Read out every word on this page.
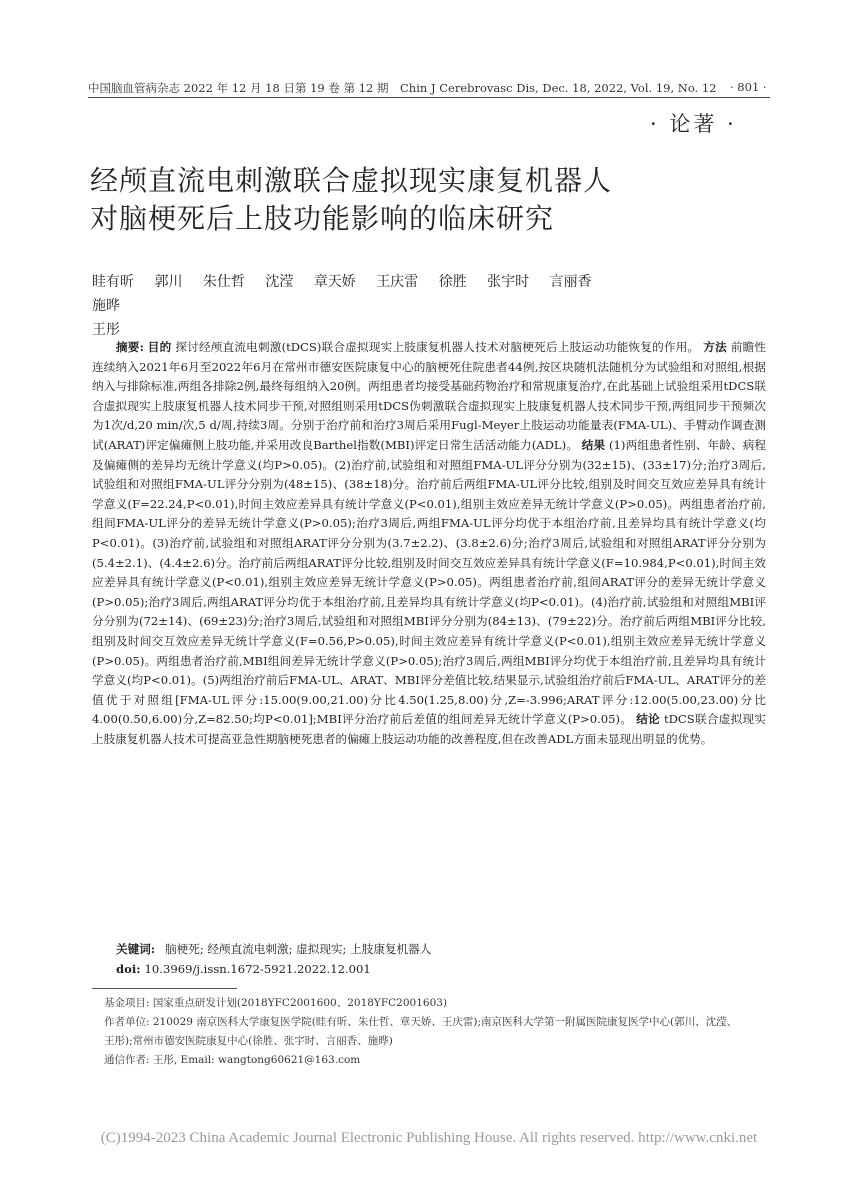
中国脑血管病杂志 2022 年 12 月 18 日第 19 卷 第 12 期　Chin J Cerebrovasc Dis, Dec. 18, 2022, Vol. 19, No. 12 · 801 ·
· 论著 ·
经颅直流电刺激联合虚拟现实康复机器人
对脑梗死后上肢功能影响的临床研究
眭有昕 郭川 朱仕哲 沈滢 章天娇 王庆雷 徐胜 张宇时 言丽香 施晔
王彤

摘要: 目的 探讨经颅直流电刺激(tDCS)联合虚拟现实上肢康复机器人技术对脑梗死后上肢运动功能恢复的作用。 方法 前瞻性连续纳入2021年6月至2022年6月在常州市德安医院康复中心的脑梗死住院患者44例,按区块随机法随机分为试验组和对照组,根据纳入与排除标准,两组各排除2例,最终每组纳入20例。两组患者均接受基础药物治疗和常规康复治疗,在此基础上试验组采用tDCS联合虚拟现实上肢康复机器人技术同步干预,对照组则采用tDCS伪刺激联合虚拟现实上肢康复机器人技术同步干预,两组同步干预频次为1次/d,20 min/次,5 d/周,持续3周。分别于治疗前和治疗3周后采用Fugl-Meyer上肢运动功能量表(FMA-UL)、手臂动作调查测试(ARAT)评定偏瘫侧上肢功能,并采用改良Barthel指数(MBI)评定日常生活活动能力(ADL)。 结果 (1)两组患者性别、年龄、病程及偏瘫侧的差异均无统计学意义(均P>0.05)。(2)治疗前,试验组和对照组FMA-UL评分分别为(32±15)、(33±17)分;治疗3周后,试验组和对照组FMA-UL评分分别为(48±15)、(38±18)分。治疗前后两组FMA-UL评分比较,组别及时间交互效应差异具有统计学意义(F=22.24,P<0.01),时间主效应差异具有统计学意义(P<0.01),组别主效应差异无统计学意义(P>0.05)。两组患者治疗前,组间FMA-UL评分的差异无统计学意义(P>0.05);治疗3周后,两组FMA-UL评分均优于本组治疗前,且差异均具有统计学意义(均P<0.01)。(3)治疗前,试验组和对照组ARAT评分分别为(3.7±2.2)、(3.8±2.6)分;治疗3周后,试验组和对照组ARAT评分分别为(5.4±2.1)、(4.4±2.6)分。治疗前后两组ARAT评分比较,组别及时间交互效应差异具有统计学意义(F=10.984,P<0.01),时间主效应差异具有统计学意义(P<0.01),组别主效应差异无统计学意义(P>0.05)。两组患者治疗前,组间ARAT评分的差异无统计学意义(P>0.05);治疗3周后,两组ARAT评分均优于本组治疗前,且差异均具有统计学意义(均P<0.01)。(4)治疗前,试验组和对照组MBI评分分别为(72±14)、(69±23)分;治疗3周后,试验组和对照组MBI评分分别为(84±13)、(79±22)分。治疗前后两组MBI评分比较,组别及时间交互效应差异无统计学意义(F=0.56,P>0.05),时间主效应差异有统计学意义(P<0.01),组别主效应差异无统计学意义(P>0.05)。两组患者治疗前,MBI组间差异无统计学意义(P>0.05);治疗3周后,两组MBI评分均优于本组治疗前,且差异均具有统计学意义(均P<0.01)。(5)两组治疗前后FMA-UL、ARAT、MBI评分差值比较,结果显示,试验组治疗前后FMA-UL、ARAT评分的差值优于对照组[FMA-UL评分:15.00(9.00,21.00)分比4.50(1.25,8.00)分,Z=-3.996;ARAT评分:12.00(5.00,23.00)分比4.00(0.50,6.00)分,Z=82.50;均P<0.01];MBI评分治疗前后差值的组间差异无统计学意义(P>0.05)。 结论 tDCS联合虚拟现实上肢康复机器人技术可提高亚急性期脑梗死患者的偏瘫上肢运动功能的改善程度,但在改善ADL方面未显现出明显的优势。

关键词: 脑梗死; 经颅直流电刺激; 虚拟现实; 上肢康复机器人
doi: 10.3969/j.issn.1672-5921.2022.12.001

基金项目: 国家重点研发计划(2018YFC2001600、2018YFC2001603)

作者单位: 210029 南京医科大学康复医学院(眭有昕、朱仕哲、章天娇、王庆雷);南京医科大学第一附属医院康复医学中心(郭川、沈滢、王彤);常州市德安医院康复中心(徐胜、张宇时、言丽香、施晔)

通信作者: 王彤, Email: wangtong60621@163.com

(C)1994-2023 China Academic Journal Electronic Publishing House. All rights reserved. http://www.cnki.net
